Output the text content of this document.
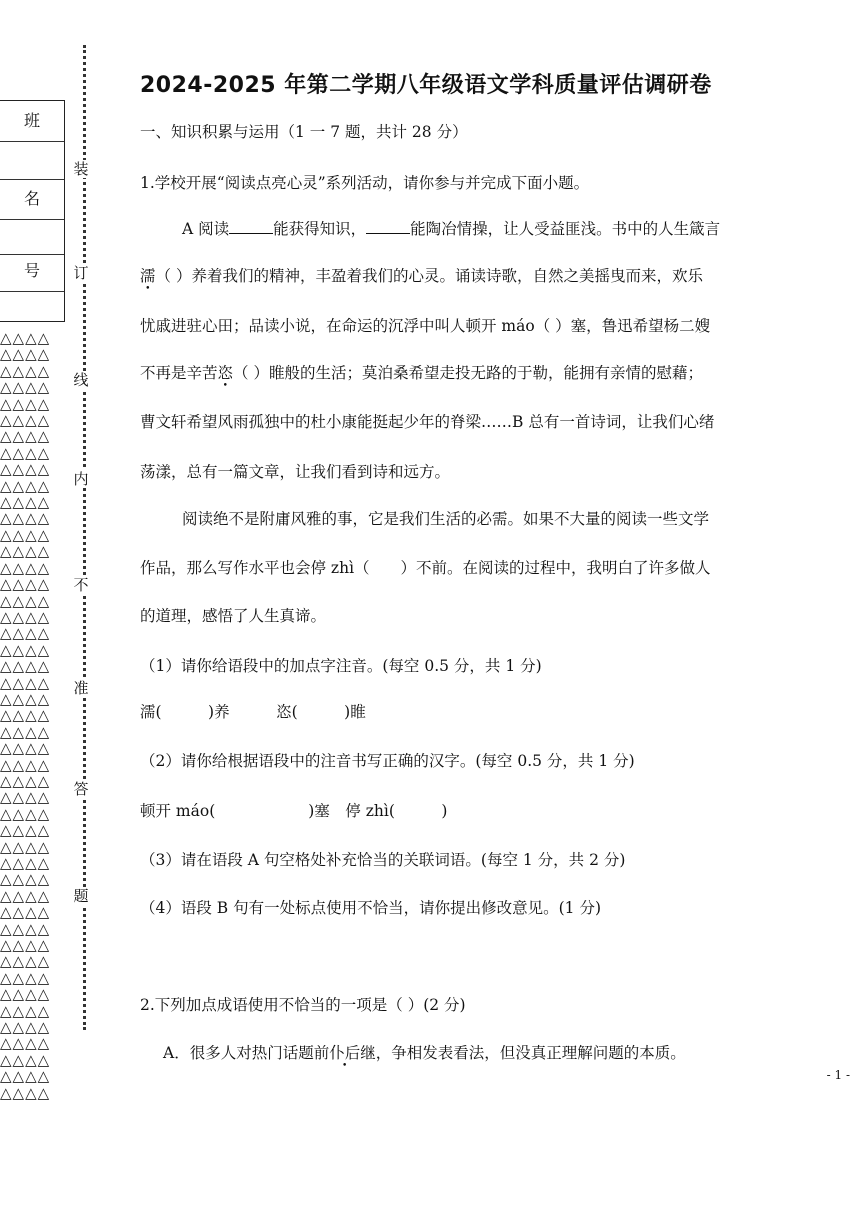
班
名
号
△△△△
△△△△
△△△△
△△△△
△△△△
△△△△
△△△△
△△△△
△△△△
△△△△
△△△△
△△△△
△△△△
△△△△
△△△△
△△△△
△△△△
△△△△
△△△△
△△△△
△△△△
△△△△
△△△△
△△△△
△△△△
△△△△
△△△△
△△△△
△△△△
△△△△
△△△△
△△△△
△△△△
△△△△
△△△△
△△△△
△△△△
△△△△
△△△△
△△△△
△△△△
△△△△
△△△△
△△△△
△△△△
△△△△
△△△△
装
订
线
内
不
准
答
题
2024-2025 年第二学期八年级语文学科质量评估调研卷
一、知识积累与运用（1 一 7 题，共计 28 分）
1.学校开展“阅读点亮心灵”系列活动，请你参与并完成下面小题。
A 阅读	能获得知识，	能陶冶情操，让人受益匪浅。书中的人生箴言
濡（ ）养着我们的精神，丰盈着我们的心灵。诵读诗歌，自然之美摇曳而来，欢乐
忧戚进驻心田；品读小说，在命运的沉浮中叫人顿开 máo（ ）塞，鲁迅希望杨二嫂
不再是辛苦恣（ ）睢般的生活；莫泊桑希望走投无路的于勒，能拥有亲情的慰藉；
曹文轩希望风雨孤独中的杜小康能挺起少年的脊梁……B 总有一首诗词，让我们心绪
荡漾，总有一篇文章，让我们看到诗和远方。
阅读绝不是附庸风雅的事，它是我们生活的必需。如果不大量的阅读一些文学
作品，那么写作水平也会停 zhì（　　）不前。在阅读的过程中，我明白了许多做人
的道理，感悟了人生真谛。
（1）请你给语段中的加点字注音。(每空 0.5 分，共 1 分)
濡(　　　)养　　　恣(　　　)睢
（2）请你给根据语段中的注音书写正确的汉字。(每空 0.5 分，共 1 分)
顿开 máo(　　　　　　)塞　停 zhì(　　　)
（3）请在语段 A 句空格处补充恰当的关联词语。(每空 1 分，共 2 分)
（4）语段 B 句有一处标点使用不恰当，请你提出修改意见。(1 分)
2.下列加点成语使用不恰当的一项是（ ）(2 分)
A．很多人对热门话题前仆后继，争相发表看法，但没真正理解问题的本质。
- 1 -
